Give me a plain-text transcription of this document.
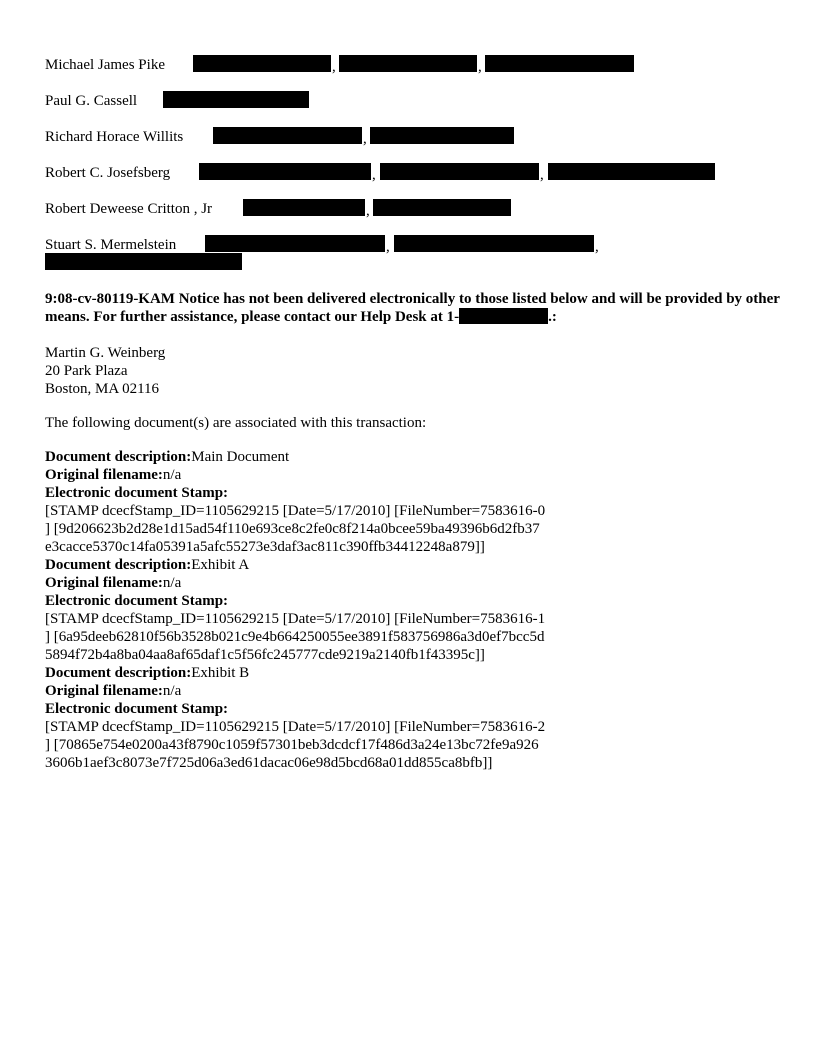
Michael James Pike	,	,
Paul G. Cassell
Richard Horace Willits	,
Robert C. Josefsberg	,	,
Robert Deweese Critton , Jr	,
Stuart S. Mermelstein	,	,
9:08-cv-80119-KAM Notice has not been delivered electronically to those listed below and will be provided by other means. For further assistance, please contact our Help Desk at 1-	.:
Martin G. Weinberg
20 Park Plaza
Boston, MA 02116
The following document(s) are associated with this transaction:
Document description:Main Document
Original filename:n/a
Electronic document Stamp:
[STAMP dcecfStamp_ID=1105629215 [Date=5/17/2010] [FileNumber=7583616-0
] [9d206623b2d28e1d15ad54f110e693ce8c2fe0c8f214a0bcee59ba49396b6d2fb37
e3cacce5370c14fa05391a5afc55273e3daf3ac811c390ffb34412248a879]]
Document description:Exhibit A
Original filename:n/a
Electronic document Stamp:
[STAMP dcecfStamp_ID=1105629215 [Date=5/17/2010] [FileNumber=7583616-1
] [6a95deeb62810f56b3528b021c9e4b664250055ee3891f583756986a3d0ef7bcc5d
5894f72b4a8ba04aa8af65daf1c5f56fc245777cde9219a2140fb1f43395c]]
Document description:Exhibit B
Original filename:n/a
Electronic document Stamp:
[STAMP dcecfStamp_ID=1105629215 [Date=5/17/2010] [FileNumber=7583616-2
] [70865e754e0200a43f8790c1059f57301beb3dcdcf17f486d3a24e13bc72fe9a926
3606b1aef3c8073e7f725d06a3ed61dacac06e98d5bcd68a01dd855ca8bfb]]
